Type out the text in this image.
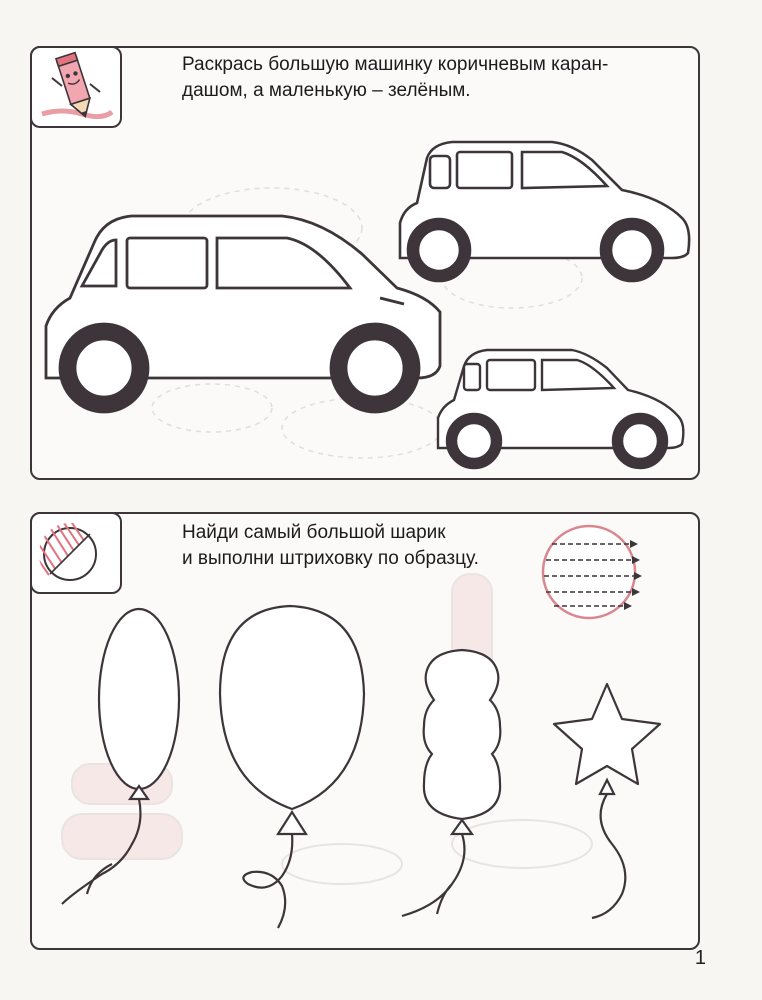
Раскрась большую машинку коричневым каран-
дашом, а маленькую – зелёным.

Найди самый большой шарик
и выполни штриховку по образцу.

1
